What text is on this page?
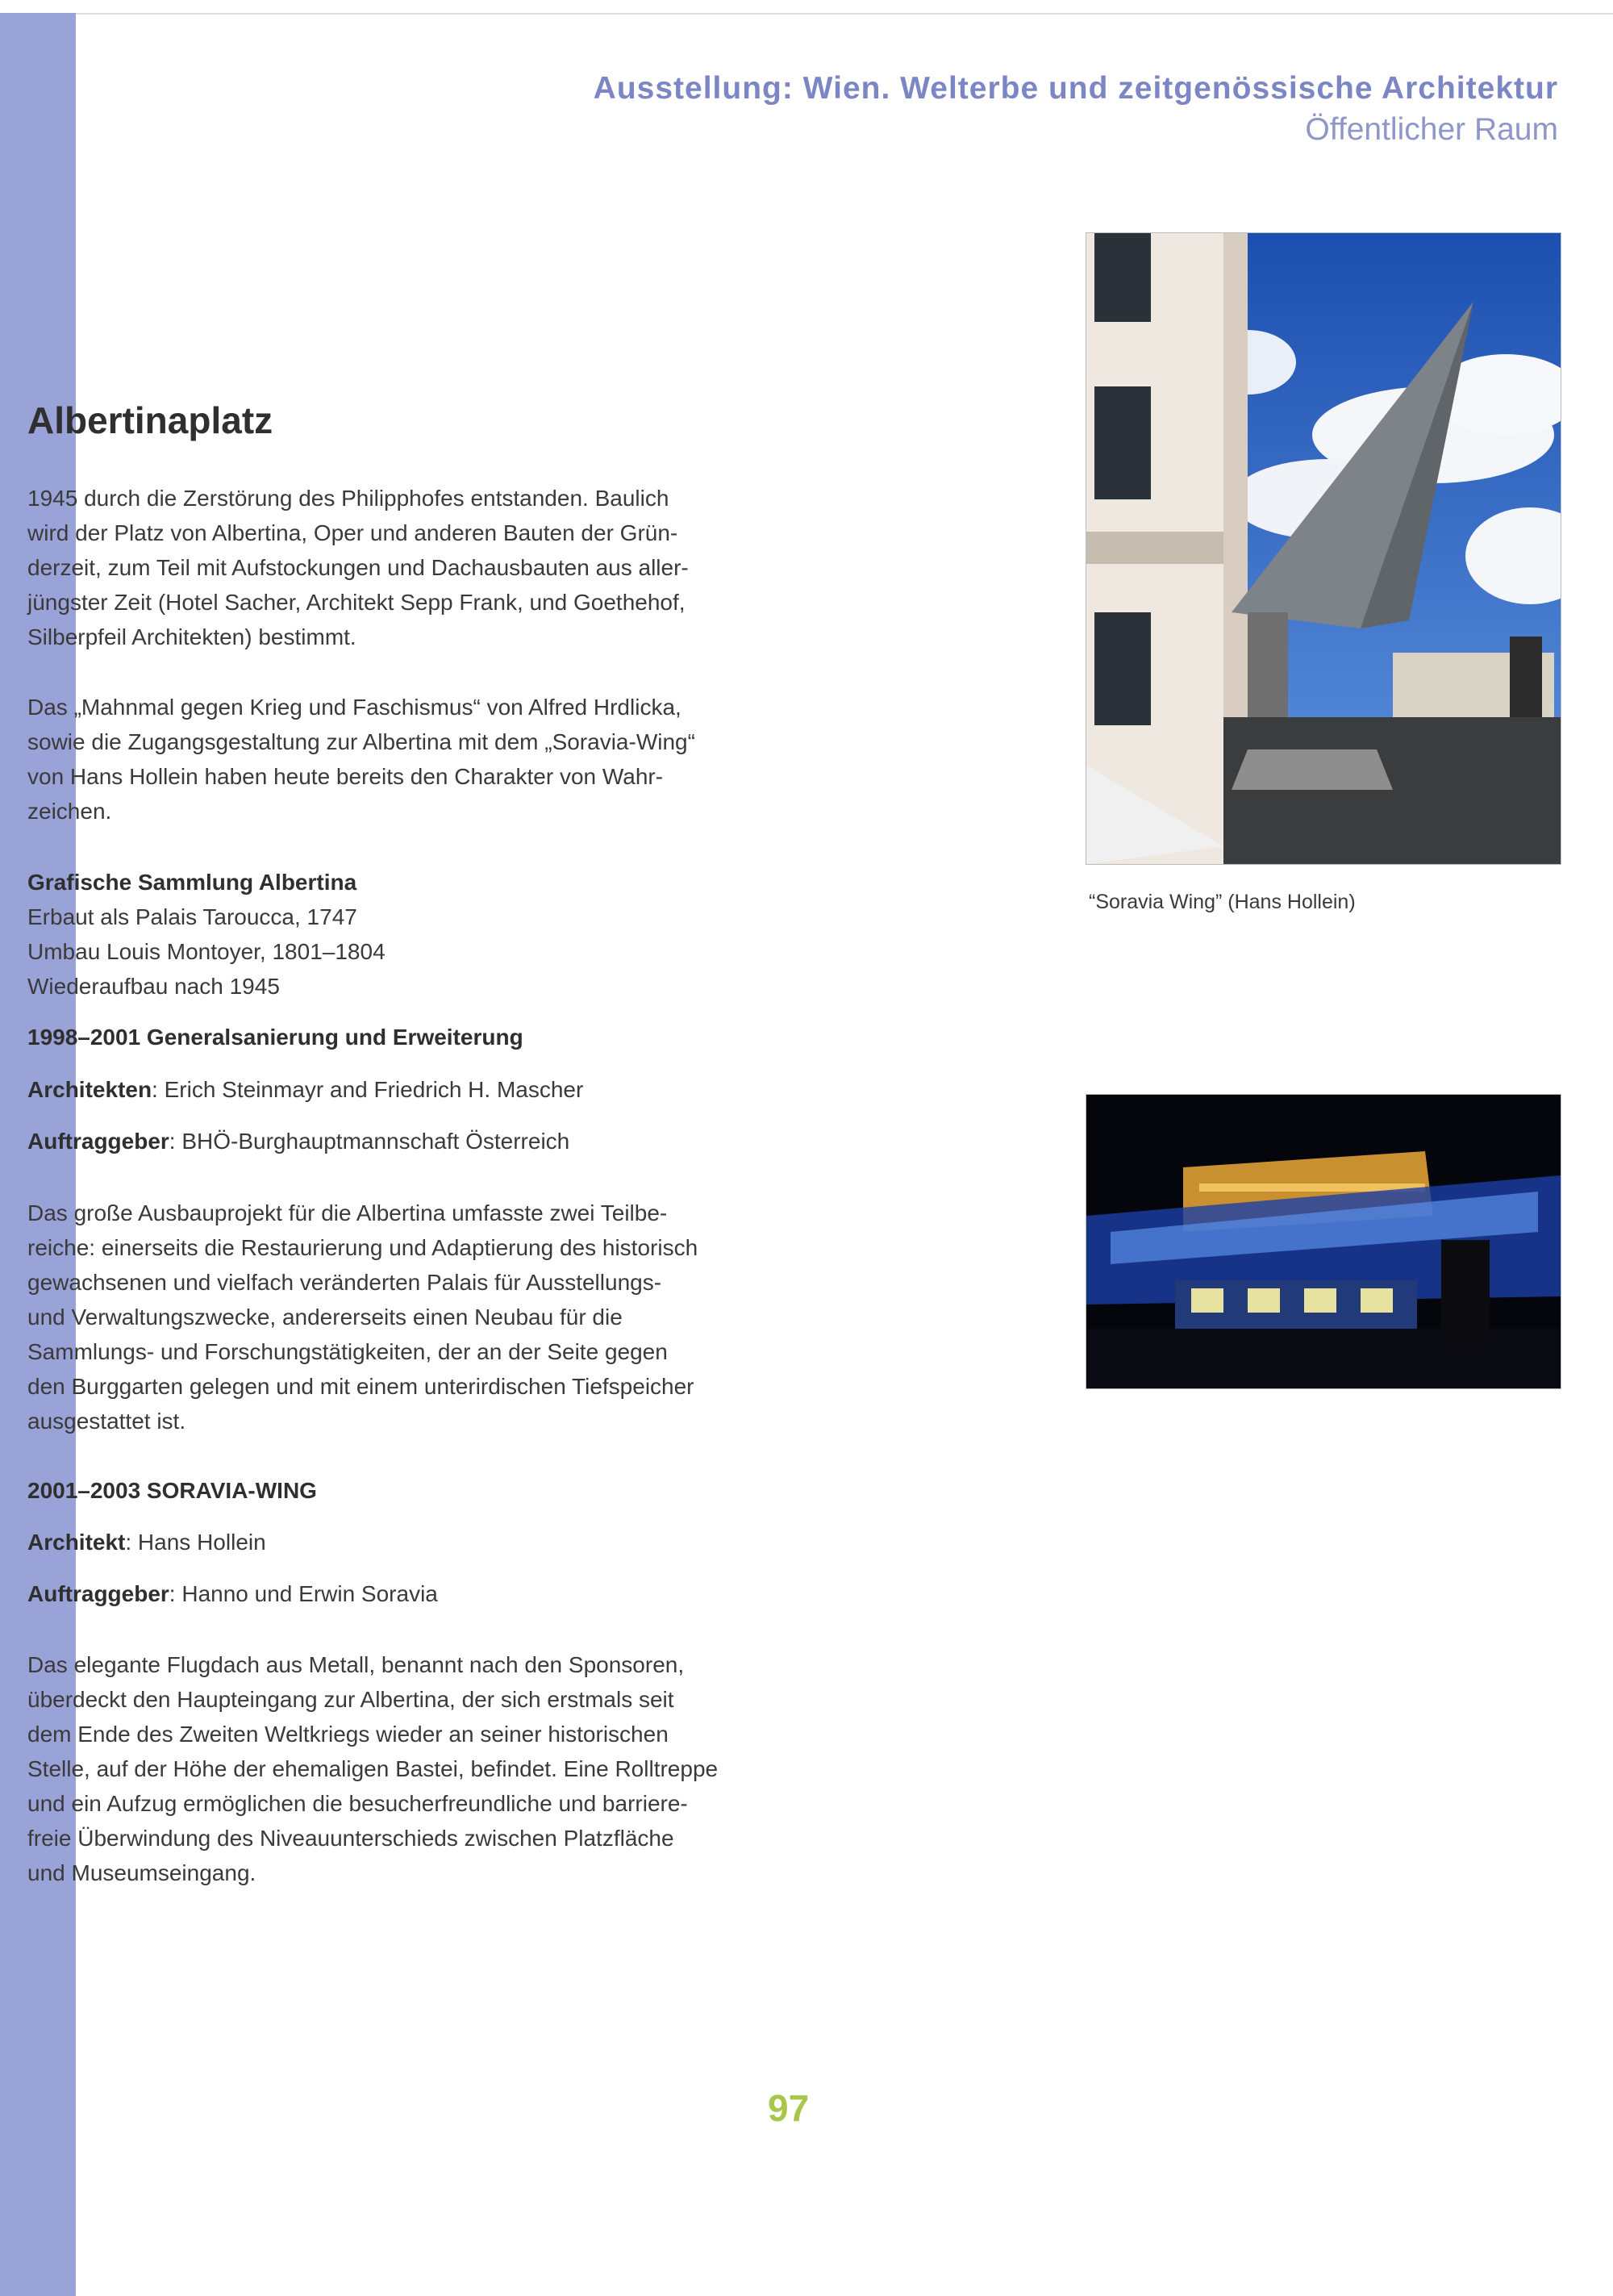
Ausstellung: Wien. Welterbe und zeitgenössische Architektur
Öffentlicher Raum
Albertinaplatz

1945 durch die Zerstörung des Philipphofes entstanden. Baulich
wird der Platz von Albertina, Oper und anderen Bauten der Grün-
derzeit, zum Teil mit Aufstockungen und Dachausbauten aus aller-
jüngster Zeit (Hotel Sacher, Architekt Sepp Frank, und Goethehof,
Silberpfeil Architekten) bestimmt.

Das „Mahnmal gegen Krieg und Faschismus“ von Alfred Hrdlicka,
sowie die Zugangsgestaltung zur Albertina mit dem „Soravia-Wing“
von Hans Hollein haben heute bereits den Charakter von Wahr-
zeichen.

Grafische Sammlung Albertina
Erbaut als Palais Taroucca, 1747
Umbau Louis Montoyer, 1801–1804
Wiederaufbau nach 1945

1998–2001 Generalsanierung und Erweiterung

Architekten: Erich Steinmayr and Friedrich H. Mascher

Auftraggeber: BHÖ-Burghauptmannschaft Österreich

Das große Ausbauprojekt für die Albertina umfasste zwei Teilbe-
reiche: einerseits die Restaurierung und Adaptierung des historisch
gewachsenen und vielfach veränderten Palais für Ausstellungs-
und Verwaltungszwecke, andererseits einen Neubau für die
Sammlungs- und Forschungstätigkeiten, der an der Seite gegen
den Burggarten gelegen und mit einem unterirdischen Tiefspeicher
ausgestattet ist.

2001–2003 SORAVIA-WING

Architekt: Hans Hollein

Auftraggeber: Hanno und Erwin Soravia

Das elegante Flugdach aus Metall, benannt nach den Sponsoren,
überdeckt den Haupteingang zur Albertina, der sich erstmals seit
dem Ende des Zweiten Weltkriegs wieder an seiner historischen
Stelle, auf der Höhe der ehemaligen Bastei, befindet. Eine Rolltreppe
und ein Aufzug ermöglichen die besucherfreundliche und barriere-
freie Überwindung des Niveauunterschieds zwischen Platzfläche
und Museumseingang.

“Soravia Wing” (Hans Hollein)
97
